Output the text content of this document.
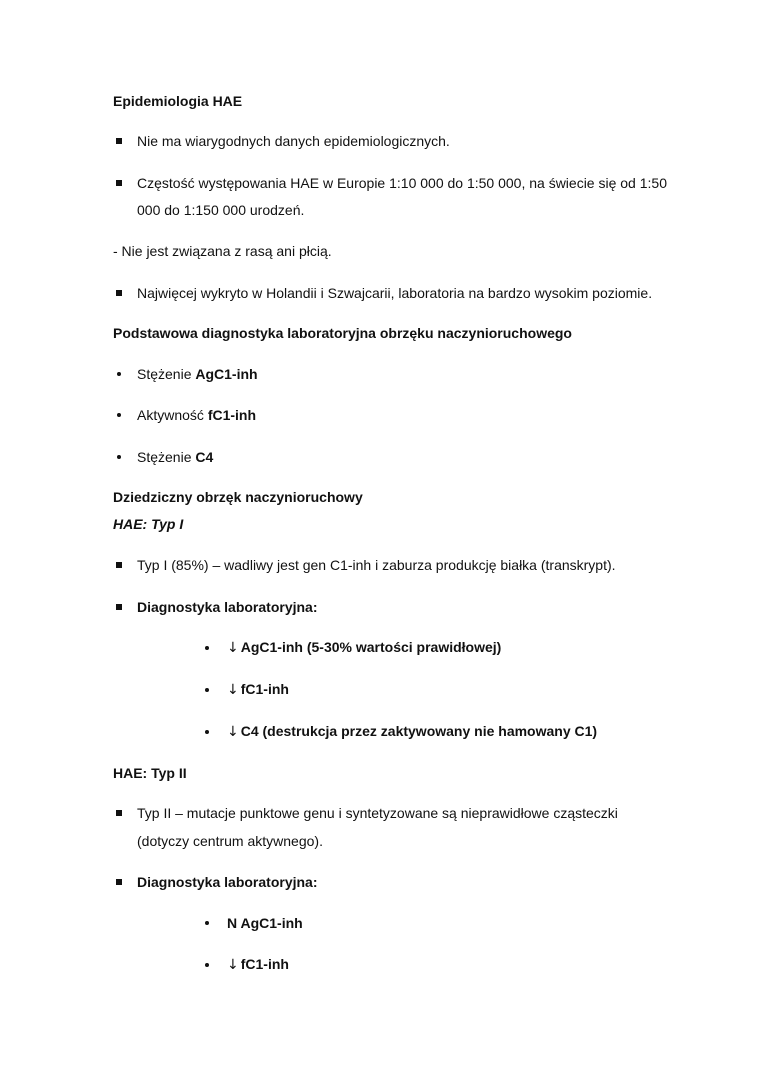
Epidemiologia HAE
Nie ma wiarygodnych danych epidemiologicznych.
Częstość występowania HAE w Europie 1:10 000 do 1:50 000, na świecie się od 1:50
000 do 1:150 000 urodzeń.
- Nie jest związana z rasą ani płcią.
Najwięcej wykryto w Holandii i Szwajcarii, laboratoria na bardzo wysokim poziomie.
Podstawowa diagnostyka laboratoryjna obrzęku naczynioruchowego
Stężenie AgC1-inh
Aktywność fC1-inh
Stężenie C4
Dziedziczny obrzęk naczynioruchowy
HAE: Typ I
Typ I (85%) – wadliwy jest gen C1-inh i zaburza produkcję białka (transkrypt).
Diagnostyka laboratoryjna:
↓ AgC1-inh (5-30% wartości prawidłowej)
↓ fC1-inh
↓ C4 (destrukcja przez zaktywowany nie hamowany C1)
HAE: Typ II
Typ II – mutacje punktowe genu i syntetyzowane są nieprawidłowe cząsteczki
(dotyczy centrum aktywnego).
Diagnostyka laboratoryjna:
N AgC1-inh
↓ fC1-inh
